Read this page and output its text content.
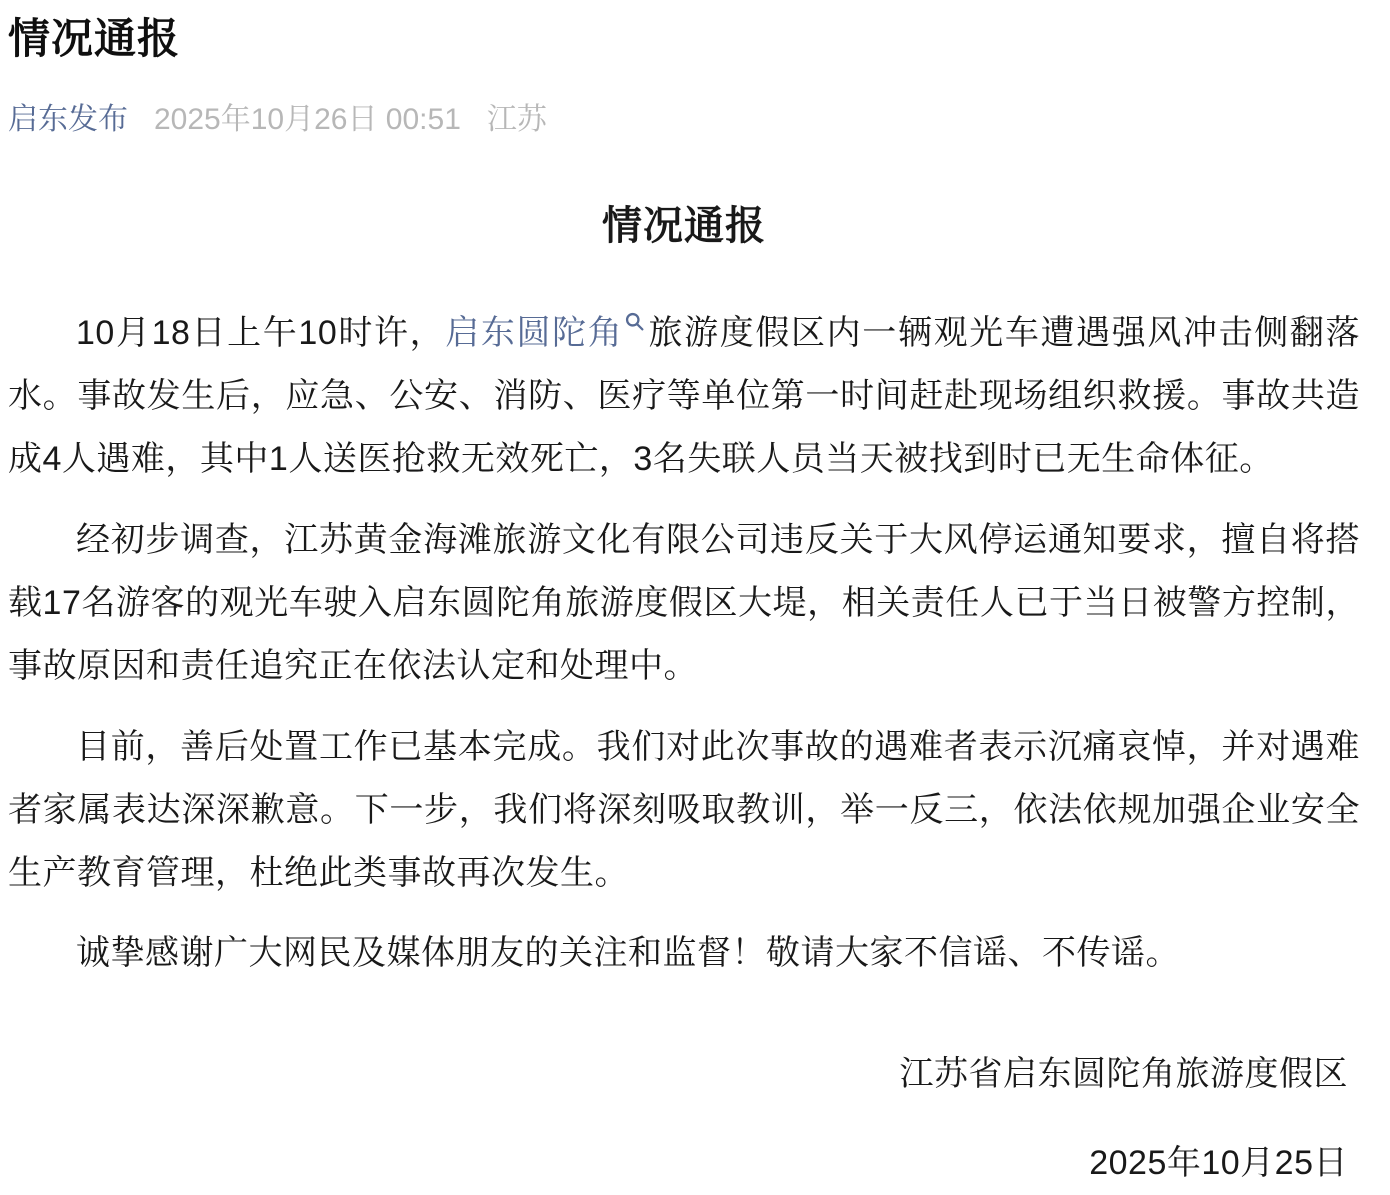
情况通报
启东发布 2025年10月26日 00:51 江苏
情况通报

10月18日上午10时许，启东圆陀角 旅游度假区内一辆观光车遭遇强风冲击侧翻落水。事故发生后，应急、公安、消防、医疗等单位第一时间赶赴现场组织救援。事故共造成4人遇难，其中1人送医抢救无效死亡，3名失联人员当天被找到时已无生命体征。

经初步调查，江苏黄金海滩旅游文化有限公司违反关于大风停运通知要求，擅自将搭载17名游客的观光车驶入启东圆陀角旅游度假区大堤，相关责任人已于当日被警方控制，事故原因和责任追究正在依法认定和处理中。

目前，善后处置工作已基本完成。我们对此次事故的遇难者表示沉痛哀悼，并对遇难者家属表达深深歉意。下一步，我们将深刻吸取教训，举一反三，依法依规加强企业安全生产教育管理，杜绝此类事故再次发生。

诚挚感谢广大网民及媒体朋友的关注和监督！敬请大家不信谣、不传谣。

江苏省启东圆陀角旅游度假区
2025年10月25日
